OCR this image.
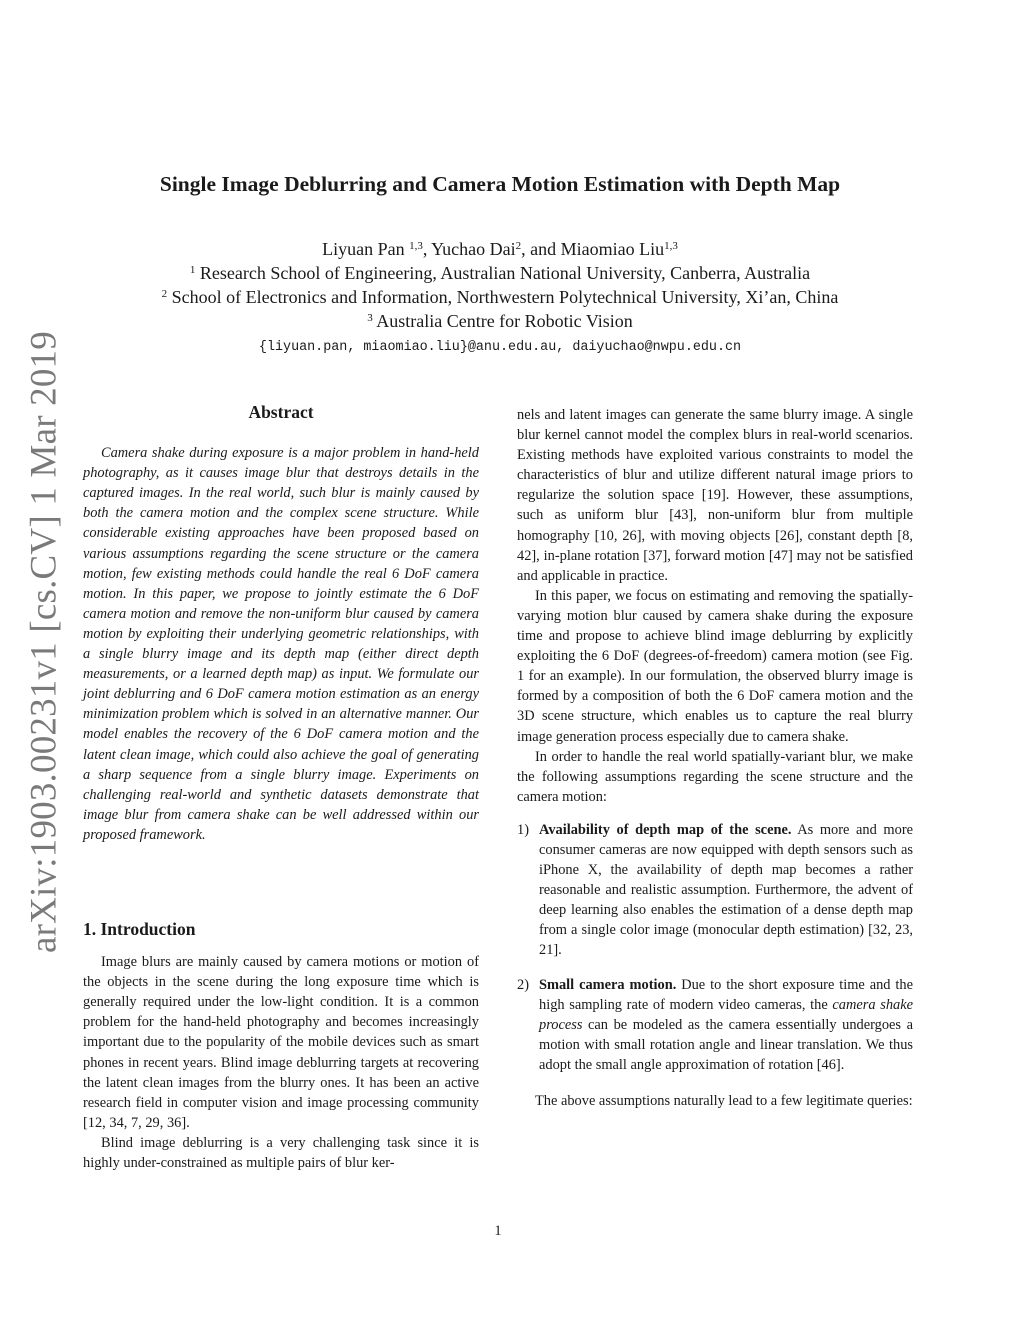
arXiv:1903.00231v1 [cs.CV] 1 Mar 2019
Single Image Deblurring and Camera Motion Estimation with Depth Map
Liyuan Pan $^{1,3}$, Yuchao Dai$^2$, and Miaomiao Liu$^{1,3}$
$^1$ Research School of Engineering, Australian National University, Canberra, Australia
$^2$ School of Electronics and Information, Northwestern Polytechnical University, Xi’an, China
$^3$ Australia Centre for Robotic Vision
{liyuan.pan, miaomiao.liu}@anu.edu.au, daiyuchao@nwpu.edu.cn
Abstract

Camera shake during exposure is a major problem in hand-held photography, as it causes image blur that destroys details in the captured images. In the real world, such blur is mainly caused by both the camera motion and the complex scene structure. While considerable existing approaches have been proposed based on various assumptions regarding the scene structure or the camera motion, few existing methods could handle the real 6 DoF camera motion. In this paper, we propose to jointly estimate the 6 DoF camera motion and remove the non-uniform blur caused by camera motion by exploiting their underlying geometric relationships, with a single blurry image and its depth map (either direct depth measurements, or a learned depth map) as input. We formulate our joint deblurring and 6 DoF camera motion estimation as an energy minimization problem which is solved in an alternative manner. Our model enables the recovery of the 6 DoF camera motion and the latent clean image, which could also achieve the goal of generating a sharp sequence from a single blurry image. Experiments on challenging real-world and synthetic datasets demonstrate that image blur from camera shake can be well addressed within our proposed framework.

1. Introduction

Image blurs are mainly caused by camera motions or motion of the objects in the scene during the long exposure time which is generally required under the low-light condition. It is a common problem for the hand-held photography and becomes increasingly important due to the popularity of the mobile devices such as smart phones in recent years. Blind image deblurring targets at recovering the latent clean images from the blurry ones. It has been an active research field in computer vision and image processing community [12, 34, 7, 29, 36].

Blind image deblurring is a very challenging task since it is highly under-constrained as multiple pairs of blur ker-

nels and latent images can generate the same blurry image. A single blur kernel cannot model the complex blurs in real-world scenarios. Existing methods have exploited various constraints to model the characteristics of blur and utilize different natural image priors to regularize the solution space [19]. However, these assumptions, such as uniform blur [43], non-uniform blur from multiple homography [10, 26], with moving objects [26], constant depth [8, 42], in-plane rotation [37], forward motion [47] may not be satisfied and applicable in practice.

In this paper, we focus on estimating and removing the spatially-varying motion blur caused by camera shake during the exposure time and propose to achieve blind image deblurring by explicitly exploiting the 6 DoF (degrees-of-freedom) camera motion (see Fig. 1 for an example). In our formulation, the observed blurry image is formed by a composition of both the 6 DoF camera motion and the 3D scene structure, which enables us to capture the real blurry image generation process especially due to camera shake.

In order to handle the real world spatially-variant blur, we make the following assumptions regarding the scene structure and the camera motion:

1) Availability of depth map of the scene. As more and more consumer cameras are now equipped with depth sensors such as iPhone X, the availability of depth map becomes a rather reasonable and realistic assumption. Furthermore, the advent of deep learning also enables the estimation of a dense depth map from a single color image (monocular depth estimation) [32, 23, 21].
2) Small camera motion. Due to the short exposure time and the high sampling rate of modern video cameras, the camera shake process can be modeled as the camera essentially undergoes a motion with small rotation angle and linear translation. We thus adopt the small angle approximation of rotation [46].

The above assumptions naturally lead to a few legitimate queries:

1
